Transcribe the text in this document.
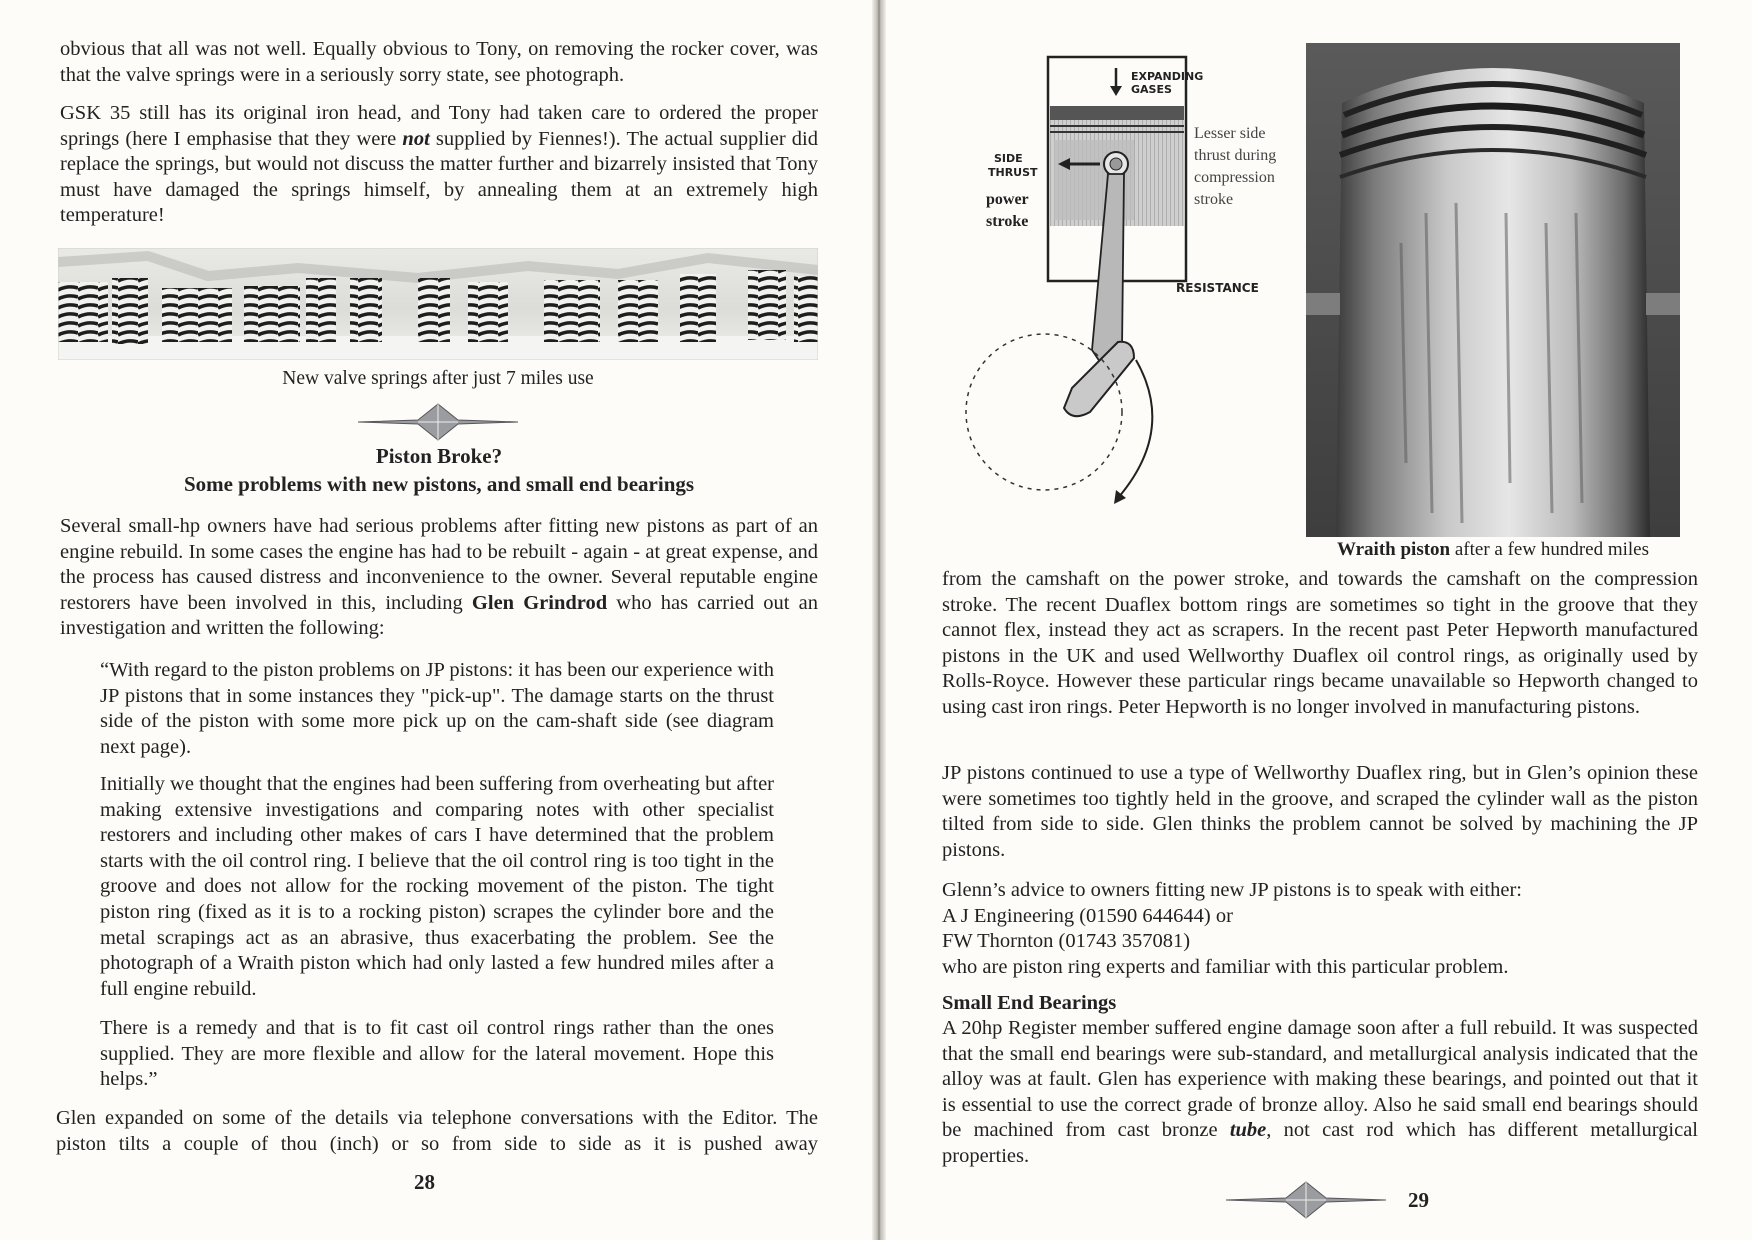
obvious that all was not well. Equally obvious to Tony, on removing the rocker cover, was that the valve springs were in a seriously sorry state, see photograph.

GSK 35 still has its original iron head, and Tony had taken care to ordered the proper springs (here I emphasise that they were not supplied by Fiennes!). The actual supplier did replace the springs, but would not discuss the matter further and bizarrely insisted that Tony must have damaged the springs himself, by annealing them at an extremely high temperature!

New valve springs after just 7 miles use
Piston Broke?
Some problems with new pistons, and small end bearings

Several small-hp owners have had serious problems after fitting new pistons as part of an engine rebuild. In some cases the engine has had to be rebuilt - again - at great expense, and the process has caused distress and inconvenience to the owner. Several reputable engine restorers have been involved in this, including Glen Grindrod who has carried out an investigation and written the following:

“With regard to the piston problems on JP pistons: it has been our experience with JP pistons that in some instances they "pick-up". The damage starts on the thrust side of the piston with some more pick up on the cam-shaft side (see diagram next page).

Initially we thought that the engines had been suffering from overheating but after making extensive investigations and comparing notes with other specialist restorers and including other makes of cars I have determined that the problem starts with the oil control ring. I believe that the oil control ring is too tight in the groove and does not allow for the rocking movement of the piston. The tight piston ring (fixed as it is to a rocking piston) scrapes the cylinder bore and the metal scrapings act as an abrasive, thus exacerbating the problem. See the photograph of a Wraith piston which had only lasted a few hundred miles after a full engine rebuild.

There is a remedy and that is to fit cast oil control rings rather than the ones supplied. They are more flexible and allow for the lateral movement. Hope this helps.”

Glen expanded on some of the details via telephone conversations with the Editor. The piston tilts a couple of thou (inch) or so from side to side as it is pushed away

28
EXPANDING
GASES
SIDE
THRUST
power
stroke
Lesser side
thrust during
compression
stroke
RESISTANCE
Wraith piston after a few hundred miles

from the camshaft on the power stroke, and towards the camshaft on the compression stroke. The recent Duaflex bottom rings are sometimes so tight in the groove that they cannot flex, instead they act as scrapers. In the recent past Peter Hepworth manufactured pistons in the UK and used Wellworthy Duaflex oil control rings, as originally used by Rolls-Royce. However these particular rings became unavailable so Hepworth changed to using cast iron rings. Peter Hepworth is no longer involved in manufacturing pistons.

JP pistons continued to use a type of Wellworthy Duaflex ring, but in Glen’s opinion these were sometimes too tightly held in the groove, and scraped the cylinder wall as the piston tilted from side to side. Glen thinks the problem cannot be solved by machining the JP pistons.

Glenn’s advice to owners fitting new JP pistons is to speak with either:
A J Engineering (01590 644644) or
FW Thornton (01743 357081)
who are piston ring experts and familiar with this particular problem.
Small End Bearings

A 20hp Register member suffered engine damage soon after a full rebuild. It was suspected that the small end bearings were sub-standard, and metallurgical analysis indicated that the alloy was at fault. Glen has experience with making these bearings, and pointed out that it is essential to use the correct grade of bronze alloy. Also he said small end bearings should be machined from cast bronze tube, not cast rod which has different metallurgical properties.

29
